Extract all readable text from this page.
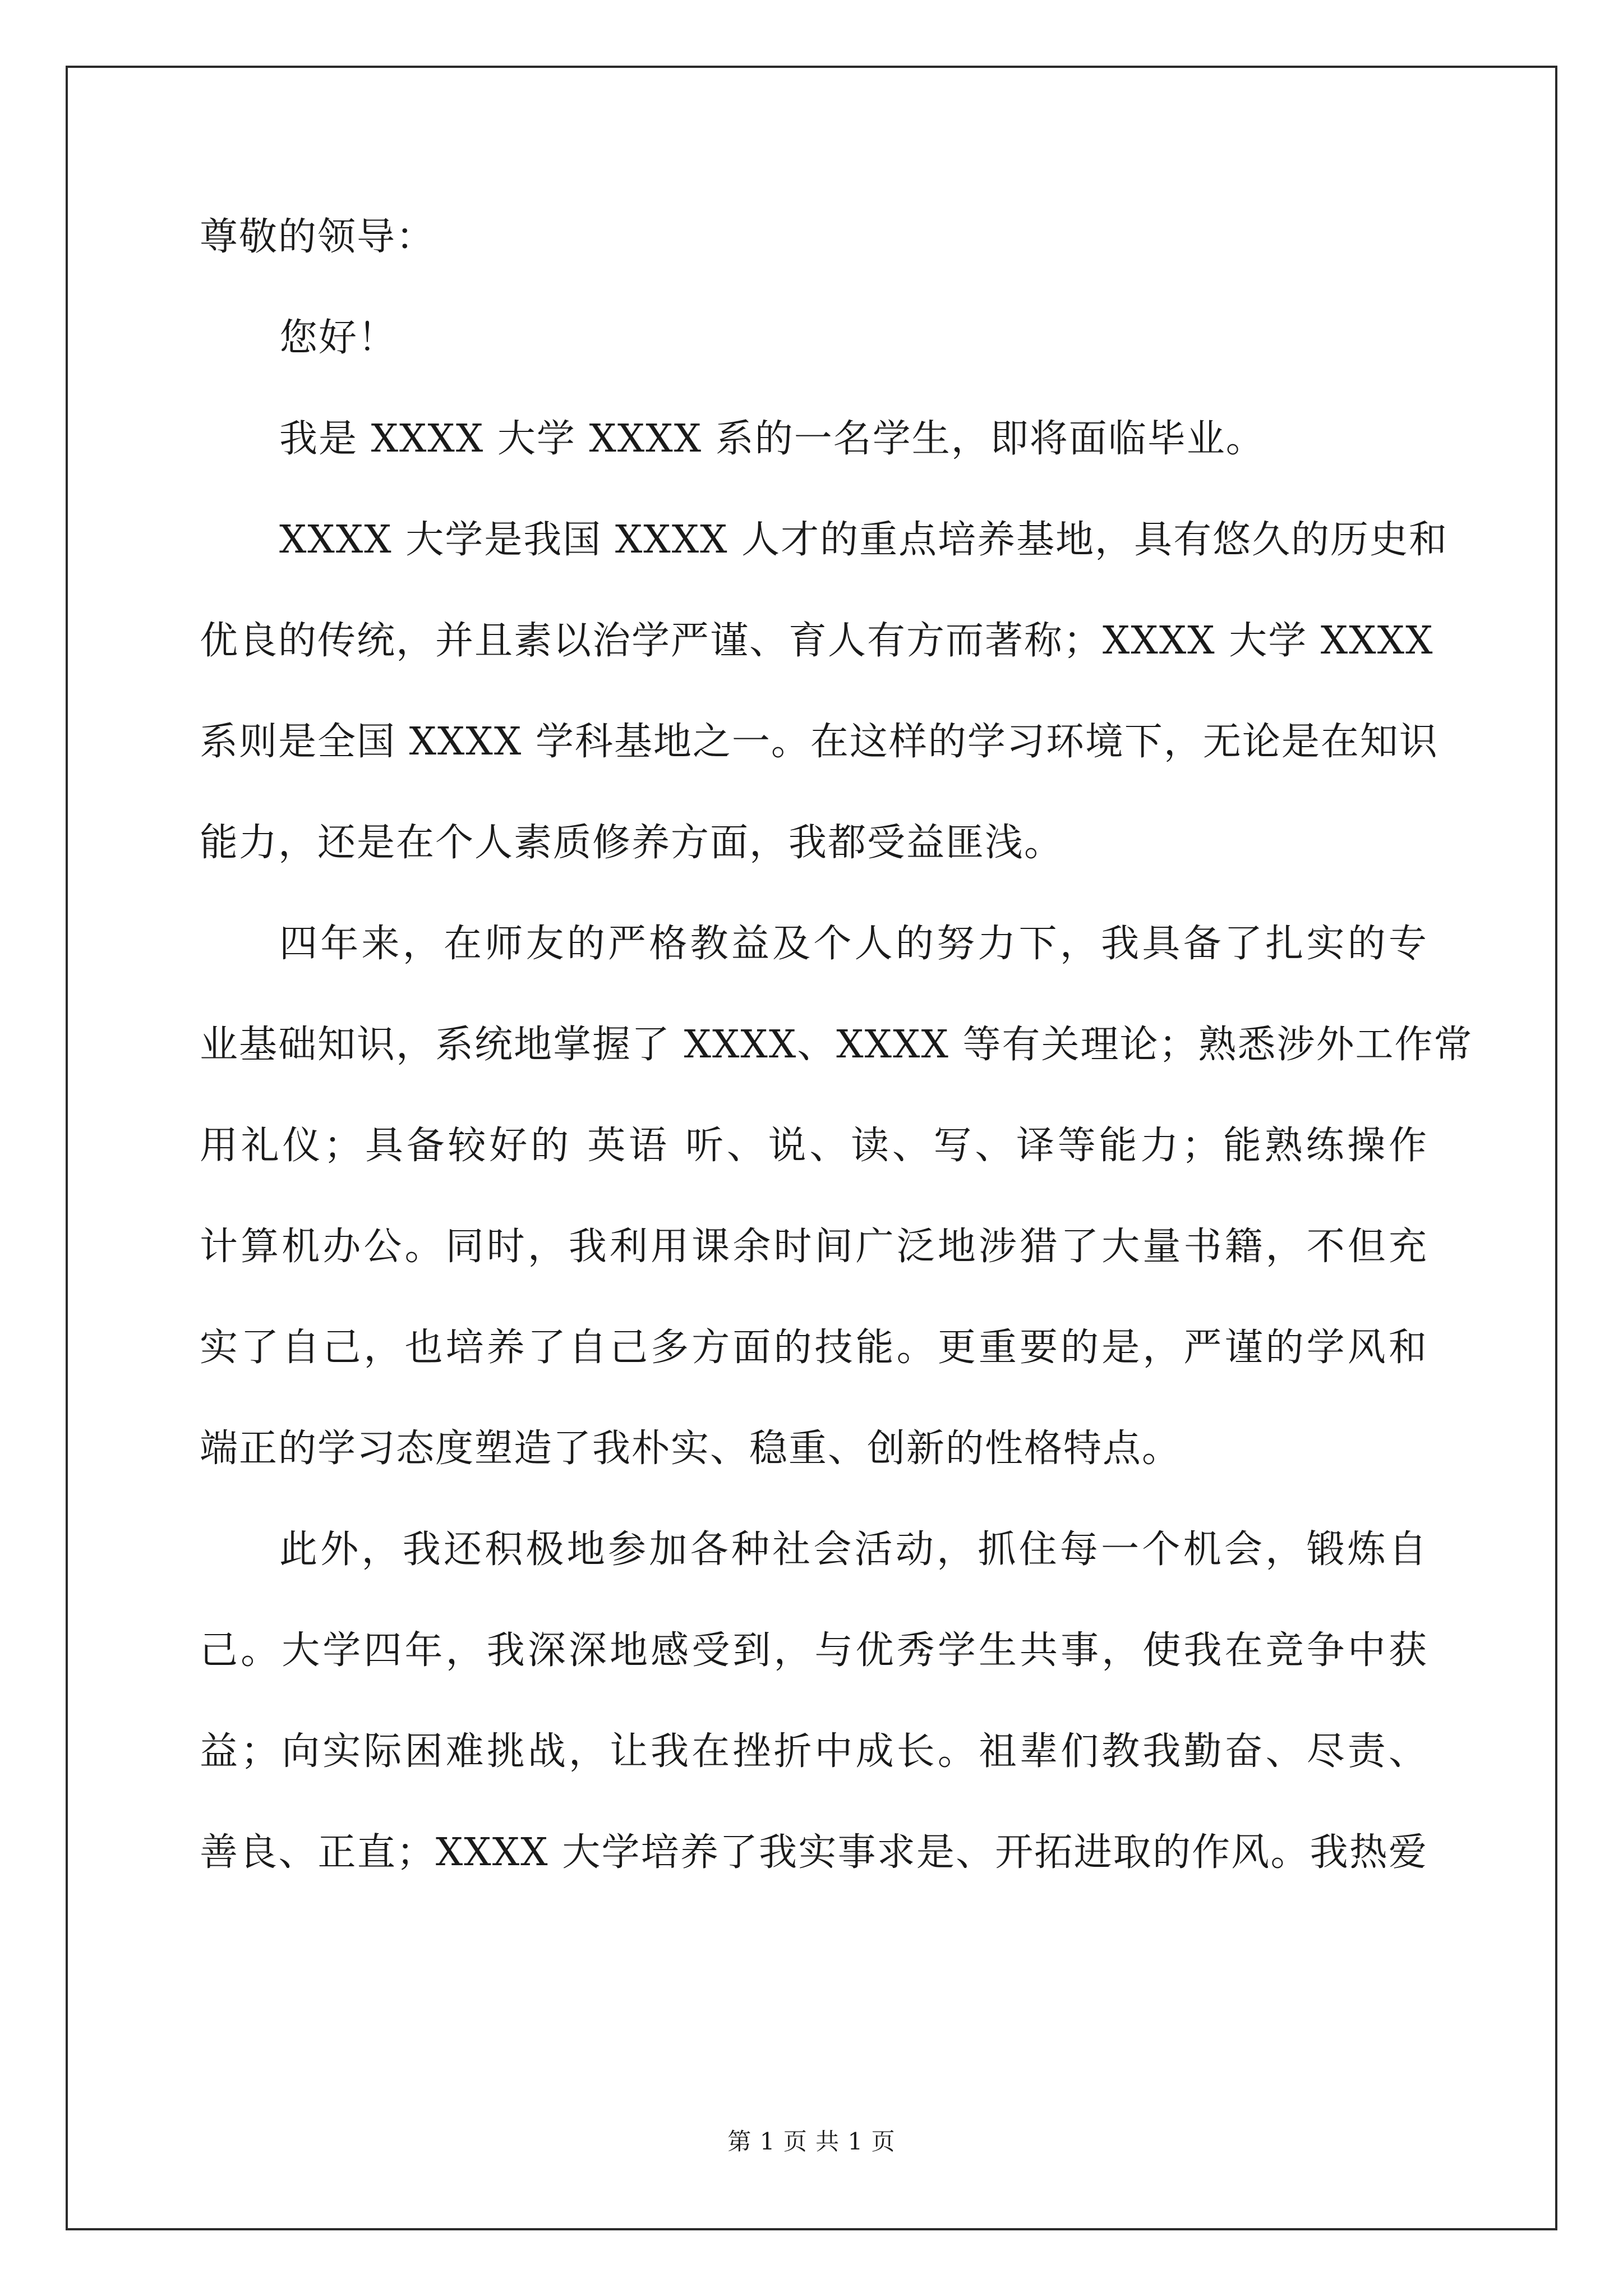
尊敬的领导：
您好！
我是 XXXX 大学 XXXX 系的一名学生，即将面临毕业。
XXXX 大学是我国 XXXX 人才的重点培养基地，具有悠久的历史和
优良的传统，并且素以治学严谨、育人有方而著称；XXXX 大学 XXXX
系则是全国 XXXX 学科基地之一。在这样的学习环境下，无论是在知识
能力，还是在个人素质修养方面，我都受益匪浅。
四年来，在师友的严格教益及个人的努力下，我具备了扎实的专
业基础知识，系统地掌握了 XXXX、XXXX 等有关理论；熟悉涉外工作常
用礼仪；具备较好的 英语 听、说、读、写、译等能力；能熟练操作
计算机办公。同时，我利用课余时间广泛地涉猎了大量书籍，不但充
实了自己，也培养了自己多方面的技能。更重要的是，严谨的学风和
端正的学习态度塑造了我朴实、稳重、创新的性格特点。
此外，我还积极地参加各种社会活动，抓住每一个机会，锻炼自
己。大学四年，我深深地感受到，与优秀学生共事，使我在竞争中获
益；向实际困难挑战，让我在挫折中成长。祖辈们教我勤奋、尽责、
善良、正直；XXXX 大学培养了我实事求是、开拓进取的作风。我热爱
第 1 页 共 1 页
